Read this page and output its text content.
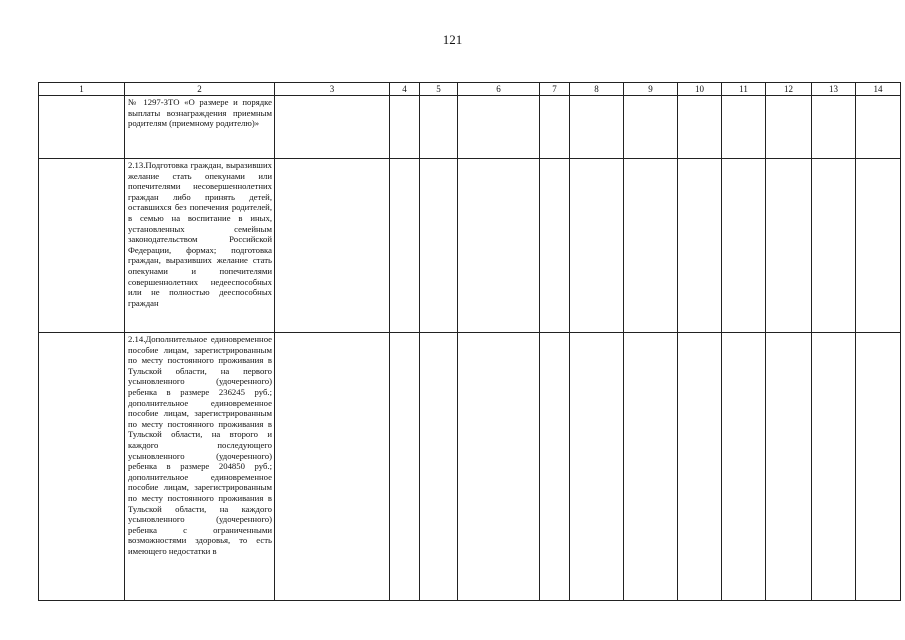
121
1	2	3	4	5	6	7	8	9	10	11	12	13	14

	№ 1297-ЗТО «О размере и порядке выплаты вознаграждения приемным родителям (приемному родителю)»												

	2.13.Подготовка граждан, выразивших желание стать опекунами или попечителями несовершеннолетних граждан либо принять детей, оставшихся без попечения родителей, в семью на воспитание в иных, установленных семейным законодательством Российской Федерации, формах; подготовка граждан, выразивших желание стать опекунами и попечителями совершеннолетних недееспособных или не полностью дееспособных граждан												

	2.14.Дополнительное единовременное пособие лицам, зарегистрированным по месту постоянного проживания в Тульской области, на первого усыновленного (удочеренного) ребенка в размере 236245 руб.; дополнительное единовременное пособие лицам, зарегистрированным по месту постоянного проживания в Тульской области, на второго и каждого последующего усыновленного (удочеренного) ребенка в размере 204850 руб.; дополнительное единовременное пособие лицам, зарегистрированным по месту постоянного проживания в Тульской области, на каждого усыновленного (удочеренного) ребенка с ограниченными возможностями здоровья, то есть имеющего недостатки в												
